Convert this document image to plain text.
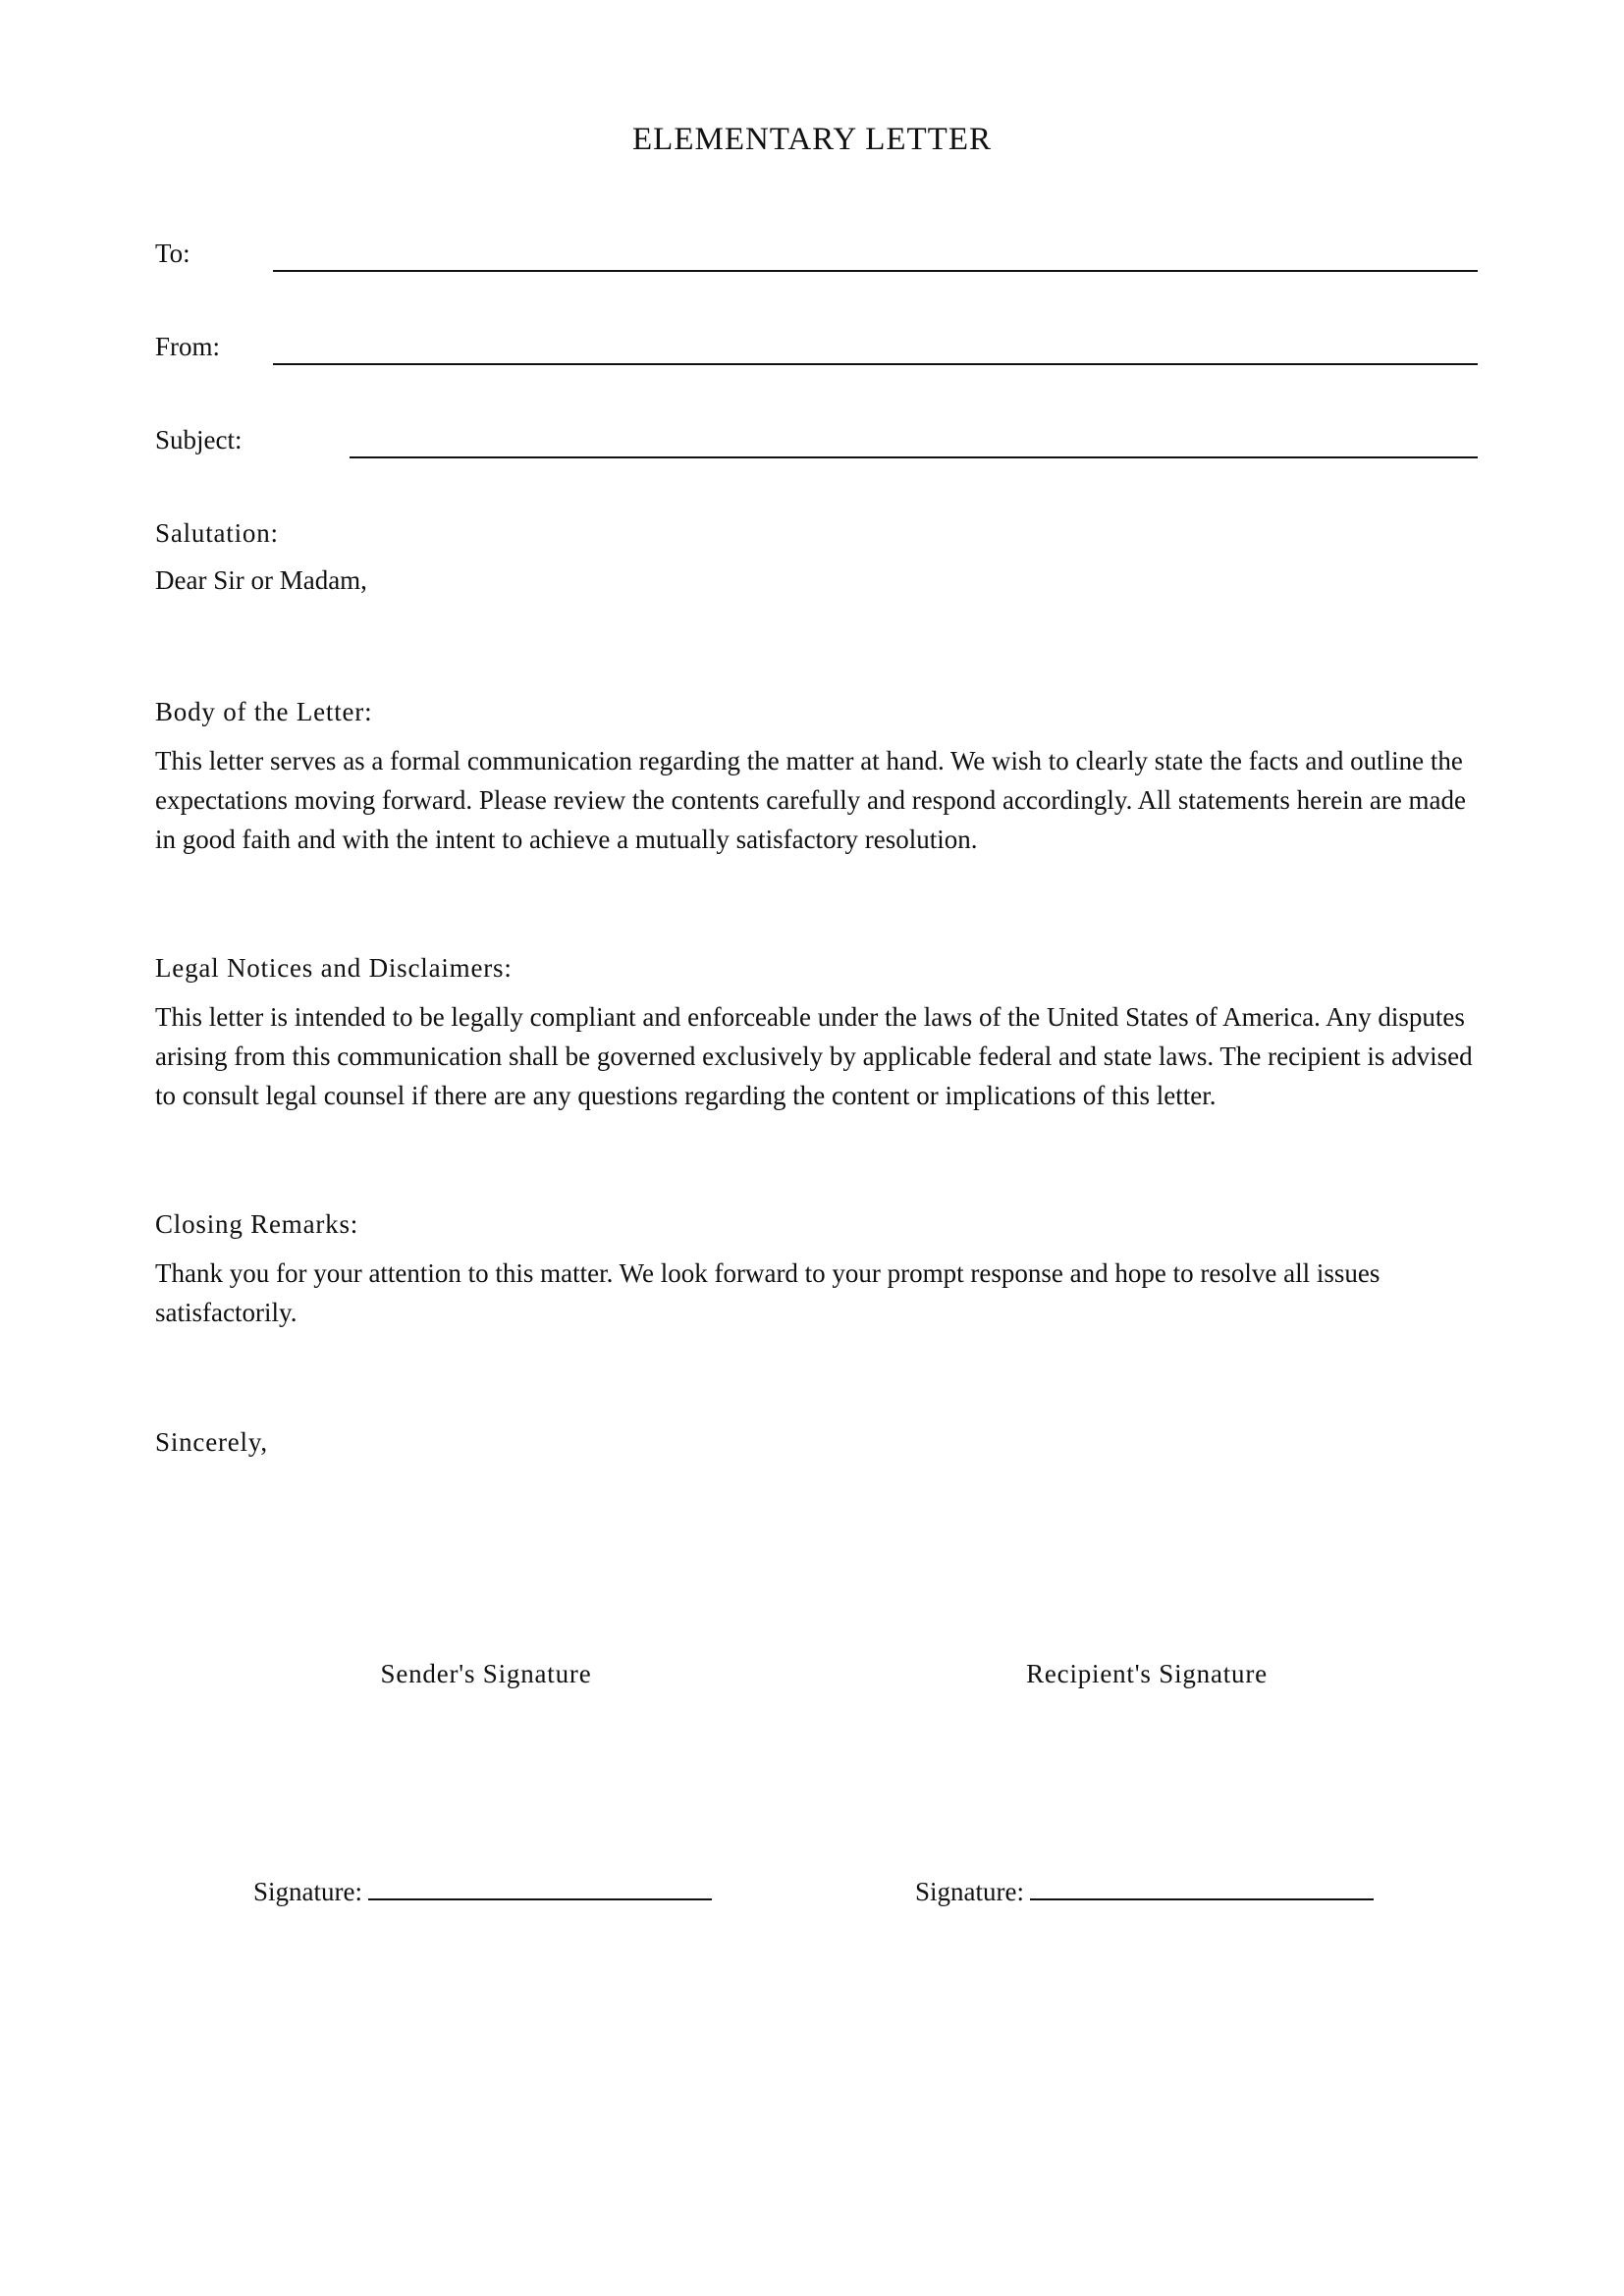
ELEMENTARY LETTER
To:
From:
Subject:
Salutation:
Dear Sir or Madam,
Body of the Letter:

This letter serves as a formal communication regarding the matter at hand. We wish to clearly state the facts and outline the expectations moving forward. Please review the contents carefully and respond accordingly. All statements herein are made in good faith and with the intent to achieve a mutually satisfactory resolution.

Legal Notices and Disclaimers:

This letter is intended to be legally compliant and enforceable under the laws of the United States of America. Any disputes arising from this communication shall be governed exclusively by applicable federal and state laws. The recipient is advised to consult legal counsel if there are any questions regarding the content or implications of this letter.

Closing Remarks:

Thank you for your attention to this matter. We look forward to your prompt response and hope to resolve all issues satisfactorily.

Sincerely,
Sender's Signature	Recipient's Signature
Signature:	Signature:
